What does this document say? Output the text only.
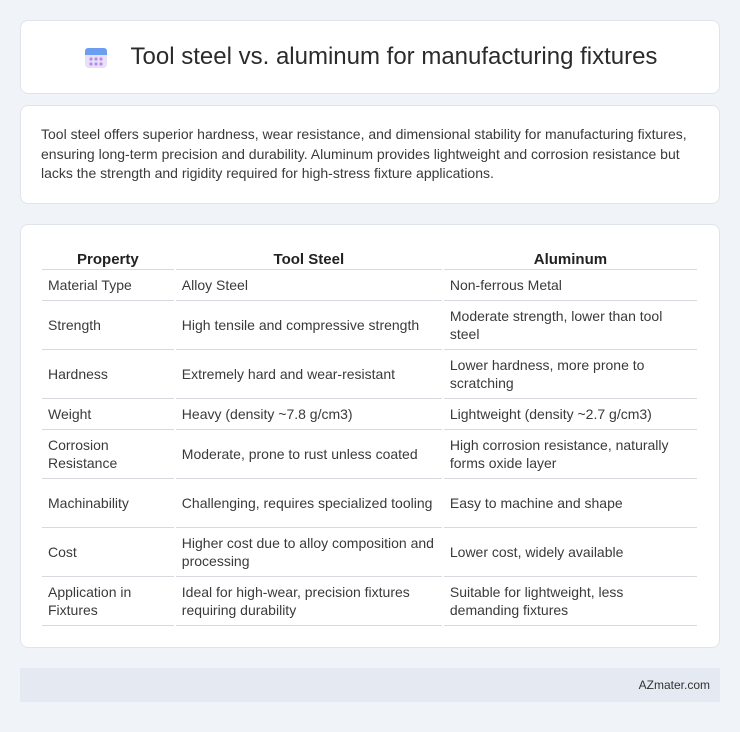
Tool steel vs. aluminum for manufacturing fixtures

Tool steel offers superior hardness, wear resistance, and dimensional stability for manufacturing fixtures, ensuring long-term precision and durability. Aluminum provides lightweight and corrosion resistance but lacks the strength and rigidity required for high-stress fixture applications.

Property	Tool Steel	Aluminum
Material Type	Alloy Steel	Non-ferrous Metal
Strength	High tensile and compressive strength	Moderate strength, lower than tool steel
Hardness	Extremely hard and wear-resistant	Lower hardness, more prone to scratching
Weight	Heavy (density ~7.8 g/cm3)	Lightweight (density ~2.7 g/cm3)
Corrosion Resistance	Moderate, prone to rust unless coated	High corrosion resistance, naturally forms oxide layer
Machinability	Challenging, requires specialized tooling	Easy to machine and shape
Cost	Higher cost due to alloy composition and processing	Lower cost, widely available
Application in Fixtures	Ideal for high-wear, precision fixtures requiring durability	Suitable for lightweight, less demanding fixtures
AZmater.com
